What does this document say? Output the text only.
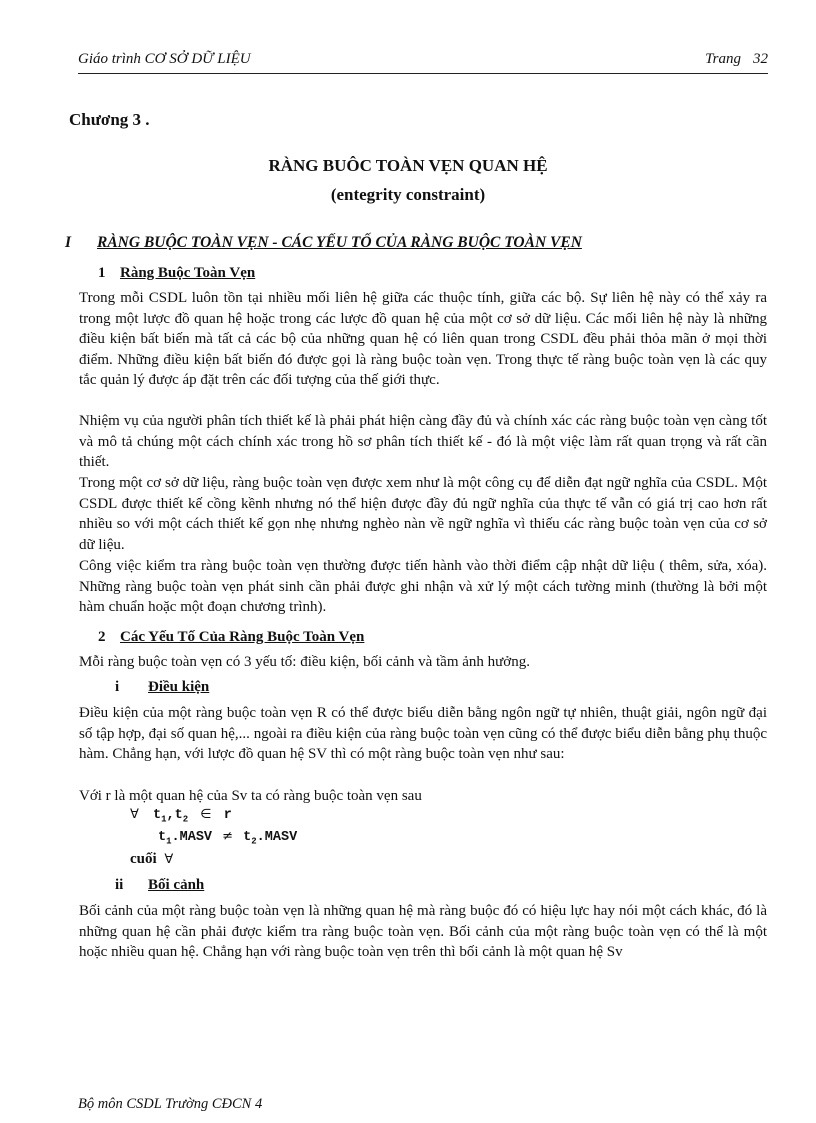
Giáo trình CƠ SỞ DỮ LIỆU	Trang 32
Chương 3 .
RÀNG BUÔC TOÀN VẸN QUAN HỆ
(entegrity constraint)
I RÀNG BUỘC TOÀN VẸN - CÁC YẾU TỐ CỦA RÀNG BUỘC TOÀN VẸN
1 Ràng Buộc Toàn Vẹn
Trong mỗi CSDL luôn tồn tại nhiều mối liên hệ giữa các thuộc tính, giữa các bộ. Sự liên hệ này có thể xảy ra trong một lược đồ quan hệ hoặc trong các lược đồ quan hệ của một cơ sở dữ liệu. Các mối liên hệ này là những điều kiện bất biến mà tất cả các bộ của những quan hệ có liên quan trong CSDL đều phải thỏa mãn ở mọi thời điểm. Những điều kiện bất biến đó được gọi là ràng buộc toàn vẹn. Trong thực tế ràng buộc toàn vẹn là các quy tắc quản lý được áp đặt trên các đối tượng của thế giới thực.
Nhiệm vụ của người phân tích thiết kế là phải phát hiện càng đầy đủ và chính xác các ràng buộc toàn vẹn càng tốt và mô tả chúng một cách chính xác trong hồ sơ phân tích thiết kế - đó là một việc làm rất quan trọng và rất cần thiết.
Trong một cơ sở dữ liệu, ràng buộc toàn vẹn được xem như là một công cụ để diễn đạt ngữ nghĩa của CSDL. Một CSDL được thiết kế cồng kềnh nhưng nó thể hiện được đầy đủ ngữ nghĩa của thực tế vẫn có giá trị cao hơn rất nhiều so với một cách thiết kế gọn nhẹ nhưng nghèo nàn về ngữ nghĩa vì thiếu các ràng buộc toàn vẹn của cơ sở dữ liệu.
Công việc kiểm tra ràng buộc toàn vẹn thường được tiến hành vào thời điểm cập nhật dữ liệu ( thêm, sửa, xóa). Những ràng buộc toàn vẹn phát sinh cần phải được ghi nhận và xử lý một cách tường minh (thường là bởi một hàm chuẩn hoặc một đoạn chương trình).
2 Các Yếu Tố Của Ràng Buộc Toàn Vẹn
Mỗi ràng buộc toàn vẹn có 3 yếu tố: điều kiện, bối cảnh và tầm ảnh hưởng.
i Điều kiện
Điều kiện của một ràng buộc toàn vẹn R có thể được biểu diễn bằng ngôn ngữ tự nhiên, thuật giải, ngôn ngữ đại số tập hợp, đại số quan hệ,... ngoài ra điều kiện của ràng buộc toàn vẹn cũng có thể được biểu diễn bằng phụ thuộc hàm. Chẳng hạn, với lược đồ quan hệ SV thì có một ràng buộc toàn vẹn như sau:
Với r là một quan hệ của Sv ta có ràng buộc toàn vẹn sau
∀ $t_1,t_2$ ∈ r
$t_1.MASV$ ≠ $t_2.MASV$
cuối ∀
ii Bối cảnh
Bối cảnh của một ràng buộc toàn vẹn là những quan hệ mà ràng buộc đó có hiệu lực hay nói một cách khác, đó là những quan hệ cần phải được kiểm tra ràng buộc toàn vẹn. Bối cảnh của một ràng buộc toàn vẹn có thể là một hoặc nhiều quan hệ. Chẳng hạn với ràng buộc toàn vẹn trên thì bối cảnh là một quan hệ Sv
Bộ môn CSDL Trường CĐCN 4
